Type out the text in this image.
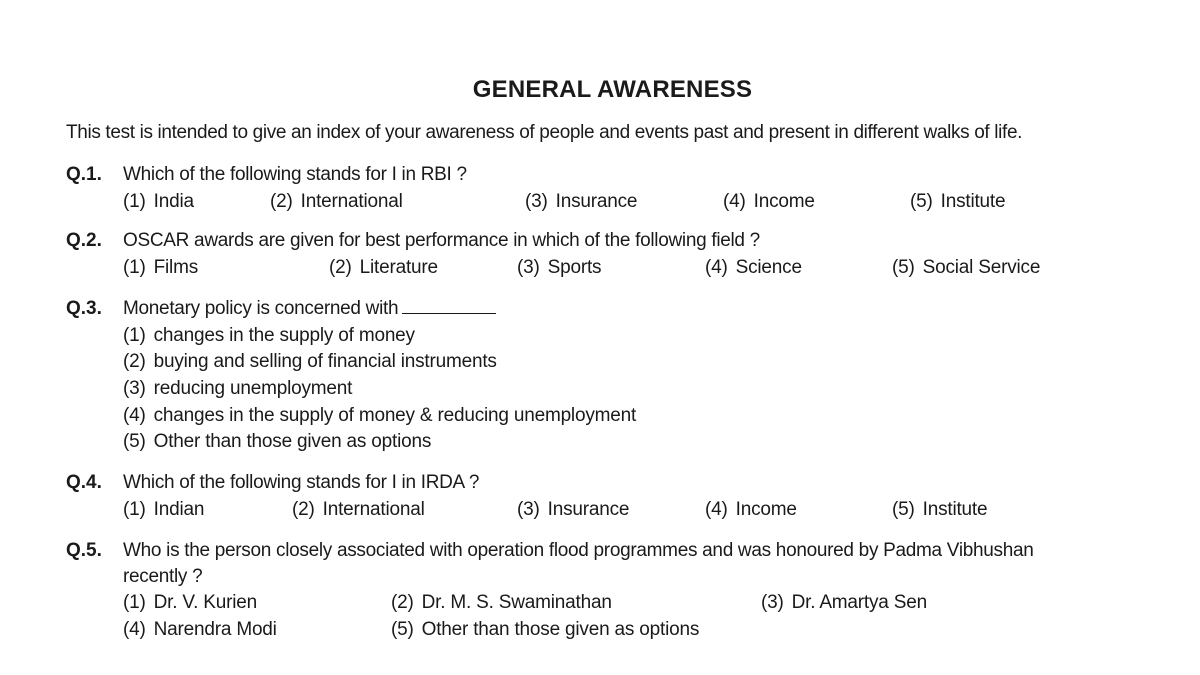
GENERAL AWARENESS
This test is intended to give an index of your awareness of people and events past and present in different walks of life.
Q.1. Which of the following stands for I in RBI ?
(1) India	(2) International	(3) Insurance	(4) Income	(5) Institute
Q.2. OSCAR awards are given for best performance in which of the following field ?
(1) Films	(2) Literature	(3) Sports	(4) Science	(5) Social Service
Q.3. Monetary policy is concerned with
(1) changes in the supply of money
(2) buying and selling of financial instruments
(3) reducing unemployment
(4) changes in the supply of money & reducing unemployment
(5) Other than those given as options
Q.4. Which of the following stands for I in IRDA ?
(1) Indian	(2) International	(3) Insurance	(4) Income	(5) Institute
Q.5. Who is the person closely associated with operation flood programmes and was honoured by Padma Vibhushan
recently ?
(1) Dr. V. Kurien	(2) Dr. M. S. Swaminathan	(3) Dr. Amartya Sen
(4) Narendra Modi	(5) Other than those given as options
